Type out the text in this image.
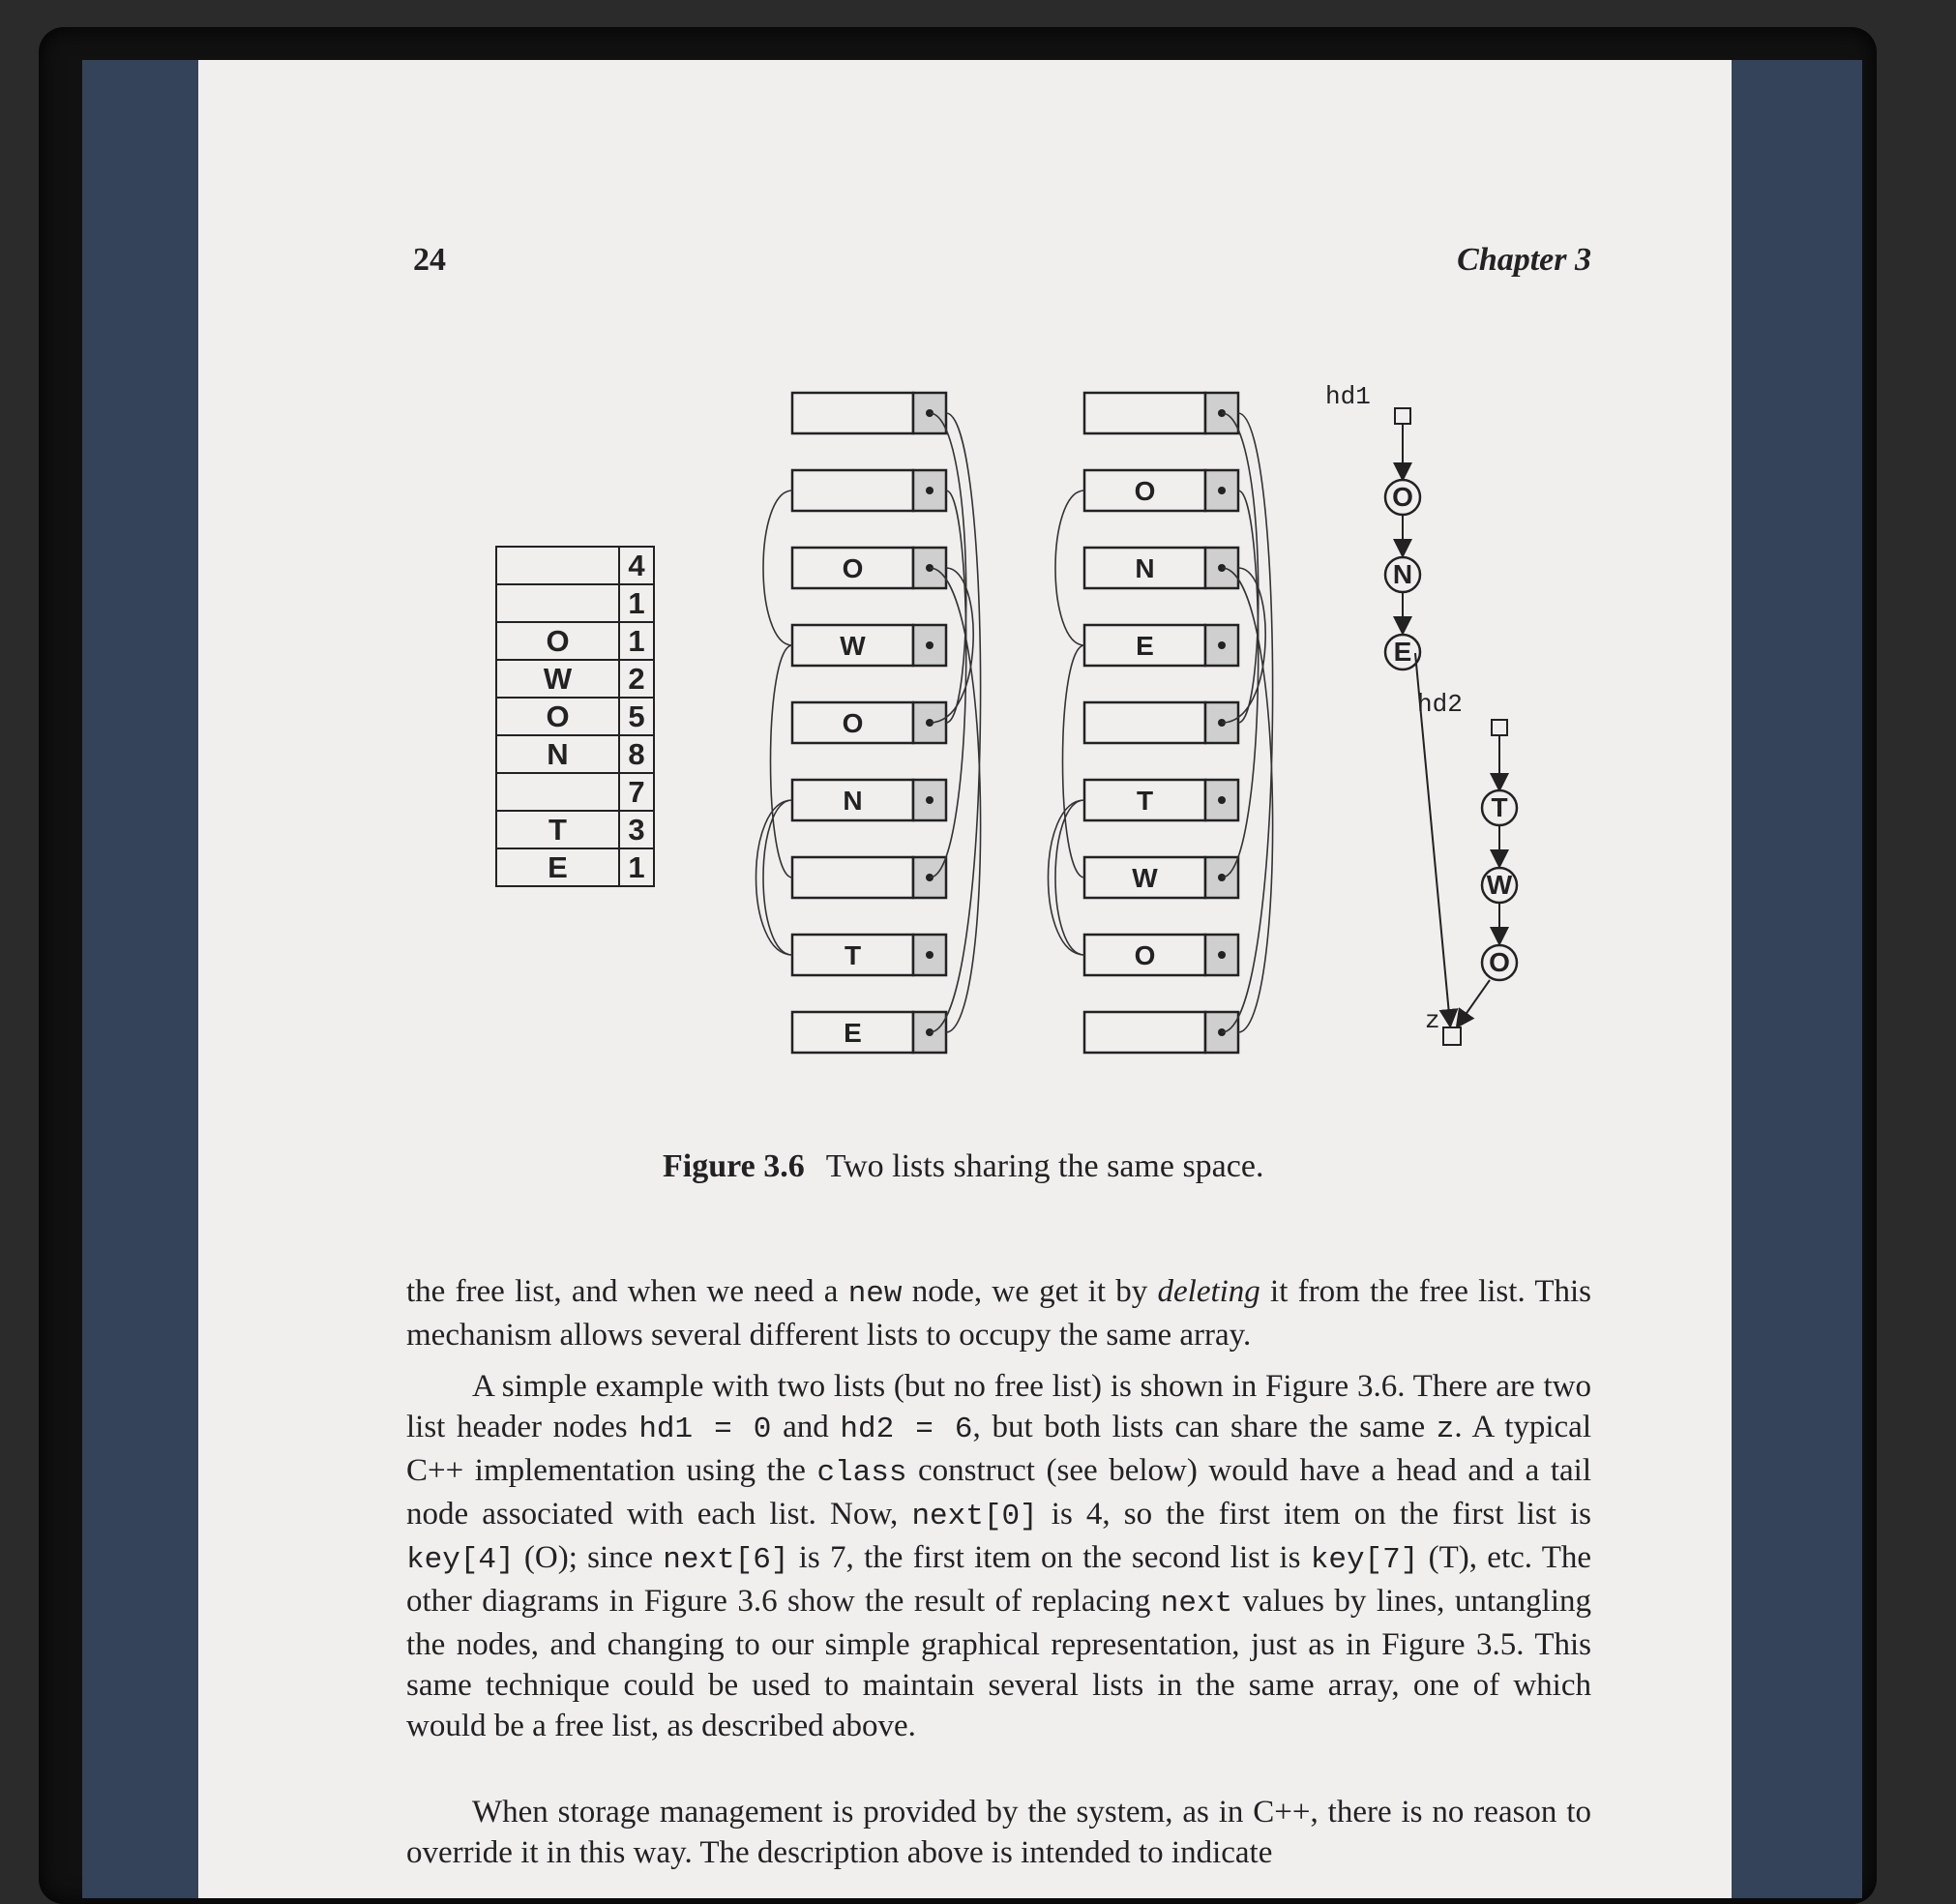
24	Chapter 3
	4
	1
O	1
W	2
O	5
N	8
	7
T	3
E	1
O
W
O
N
T
E
O
N
E
T
W
O
hd1
O
N
E
hd2
T
W
O
z
Figure 3.6 Two lists sharing the same space.

the free list, and when we need a new node, we get it by deleting it from the free list. This mechanism allows several different lists to occupy the same array.

A simple example with two lists (but no free list) is shown in Figure 3.6. There are two list header nodes hd1 = 0 and hd2 = 6, but both lists can share the same z. A typical C++ implementation using the class construct (see below) would have a head and a tail node associated with each list. Now, next[0] is 4, so the first item on the first list is key[4] (O); since next[6] is 7, the first item on the second list is key[7] (T), etc. The other diagrams in Figure 3.6 show the result of replacing next values by lines, untangling the nodes, and changing to our simple graphical representation, just as in Figure 3.5. This same technique could be used to maintain several lists in the same array, one of which would be a free list, as described above.

When storage management is provided by the system, as in C++, there is no reason to override it in this way. The description above is intended to indicate
